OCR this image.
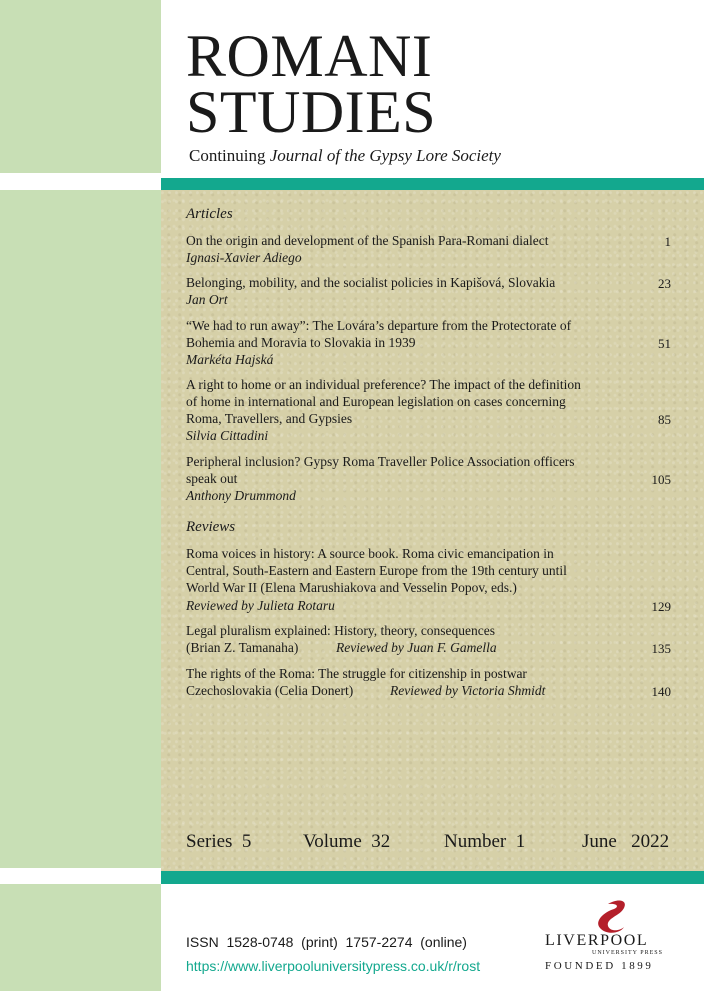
ROMANI
STUDIES
Continuing Journal of the Gypsy Lore Society
Articles
On the origin and development of the Spanish Para-Romani dialect
Ignasi-Xavier Adiego
1
Belonging, mobility, and the socialist policies in Kapišová, Slovakia
Jan Ort
23
“We had to run away”: The Lovára’s departure from the Protectorate of
Bohemia and Moravia to Slovakia in 1939
Markéta Hajská
51
A right to home or an individual preference? The impact of the definition
of home in international and European legislation on cases concerning
Roma, Travellers, and Gypsies
Silvia Cittadini
85
Peripheral inclusion? Gypsy Roma Traveller Police Association officers
speak out
Anthony Drummond
105
Reviews
Roma voices in history: A source book. Roma civic emancipation in
Central, South-Eastern and Eastern Europe from the 19th century until
World War II (Elena Marushiakova and Vesselin Popov, eds.)
Reviewed by Julieta Rotaru	129
Legal pluralism explained: History, theory, consequences
(Brian Z. Tamanaha)	Reviewed by Juan F. Gamella	135
The rights of the Roma: The struggle for citizenship in postwar
Czechoslovakia (Celia Donert)	Reviewed by Victoria Shmidt	140
Series  5	Volume  32	Number  1	June   2022
ISSN  1528-0748  (print)  1757-2274  (online)
https://www.liverpooluniversitypress.co.uk/r/rost
LIVERPOOL
UNIVERSITY PRESS
FOUNDED 1899
